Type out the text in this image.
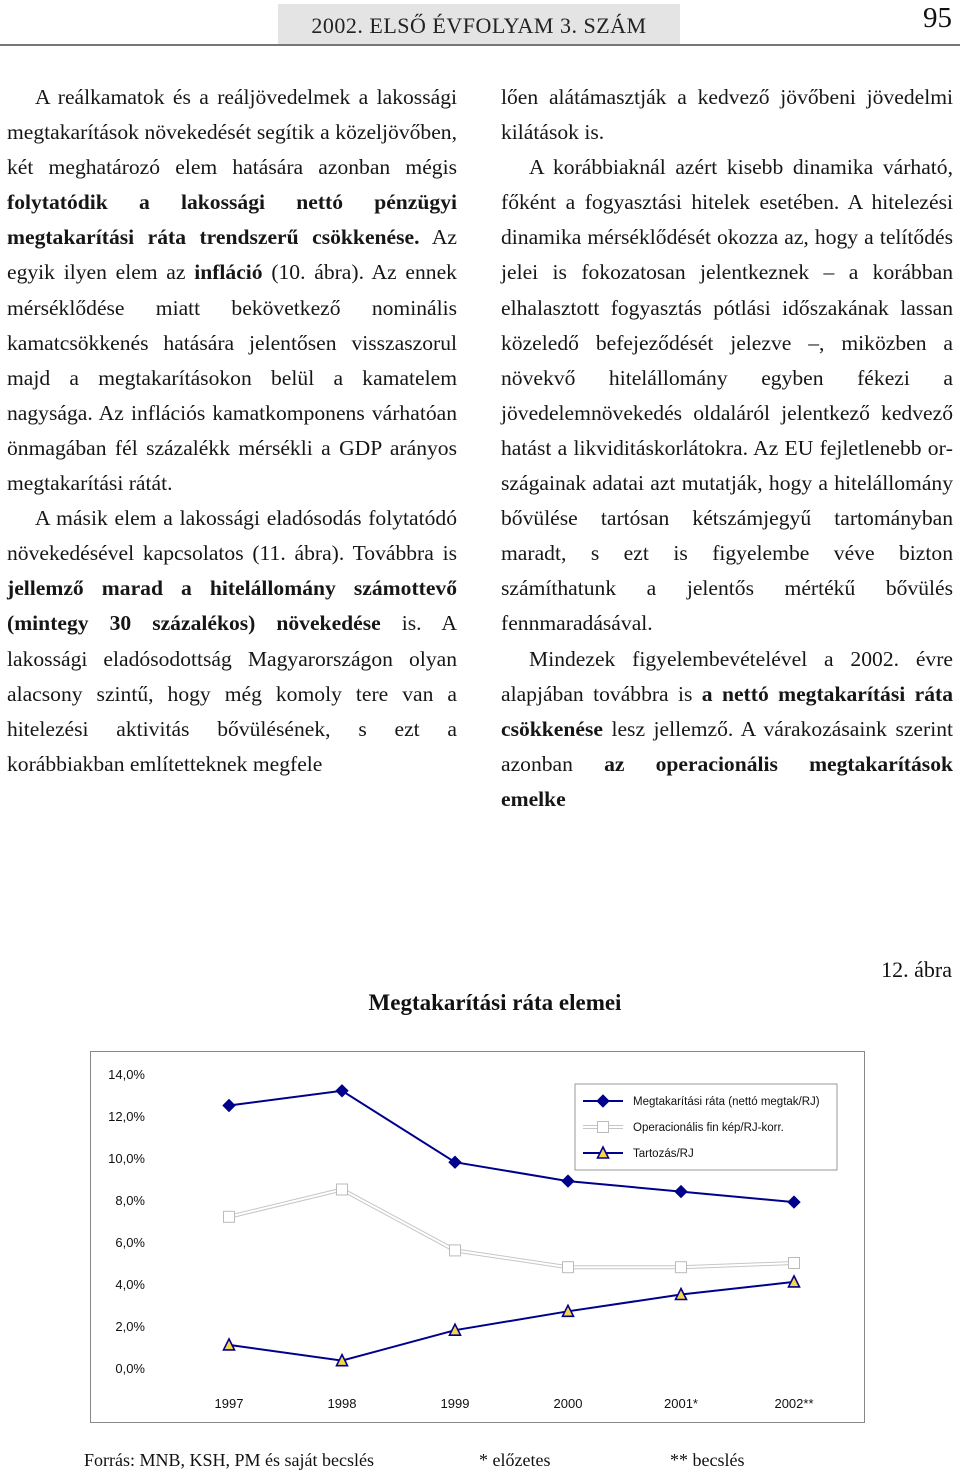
2002. ELSŐ ÉVFOLYAM 3. SZÁM	95

A reálkamatok és a reáljövedelmek a lakossági megtakarítások növekedését segítik a közeljövőben, két meghatározó elem hatására azonban mégis folytatódik a lakossági nettó pénzügyi megtakarítási ráta trendszerű csökkenése. Az egyik ilyen elem az infláció (10. ábra). Az ennek mérséklődése miatt bekövetkező nominális kamatcsökkenés hatására jelentősen visszaszorul majd a megtakarításokon belül a kamatelem nagysága. Az inflációs kamatkomponens várhatóan önmagában fél százalékk mérsékli a GDP arányos megtakarítási rátát.

A másik elem a lakossági eladósodás folytatódó növekedésével kapcsolatos (11. ábra). Továbbra is jellemző marad a hitelállomány számottevő (mintegy 30 százalékos) növekedése is. A lakossági eladósodottság Magyarországon olyan alacsony szintű, hogy még komoly tere van a hitelezési aktivitás bővülésének, s ezt a korábbiakban említetteknek megfele

lően alátámasztják a kedvező jövőbeni jövedelmi kilátások is.

A korábbiaknál azért kisebb dinamika várható, főként a fogyasztási hitelek esetében. A hitelezési dinamika mérséklődését okozza az, hogy a telítődés jelei is fokozatosan jelentkeznek – a korábban elhalasztott fogyasztás pótlási időszakának lassan közeledő befejeződését jelezve –, miközben a növekvő hitelállomány egyben fékezi a jövedelemnövekedés oldaláról jelentkező kedvező hatást a likviditáskorlátokra. Az EU fejletlenebb országainak adatai azt mutatják, hogy a hitelállomány bővülése tartósan kétszámjegyű tartományban maradt, s ezt is figyelembe véve bizton számíthatunk a jelentős mértékű bővülés fennmaradásával.

Mindezek figyelembevételével a 2002. évre alapjában továbbra is a nettó megtakarítási ráta csökkenése lesz jellemző. A várakozásaink szerint azonban az operacionális megtakarítások emelke

12. ábra
Megtakarítási ráta elemei
0,0%
2,0%
4,0%
6,0%
8,0%
10,0%
12,0%
14,0%
1997	1998	1999	2000	2001*	2002**
Megtakarítási ráta (nettó megtak/RJ)
Operacionális fin kép/RJ-korr.
Tartozás/RJ
Forrás: MNB, KSH, PM és saját becslés	* előzetes	** becslés
